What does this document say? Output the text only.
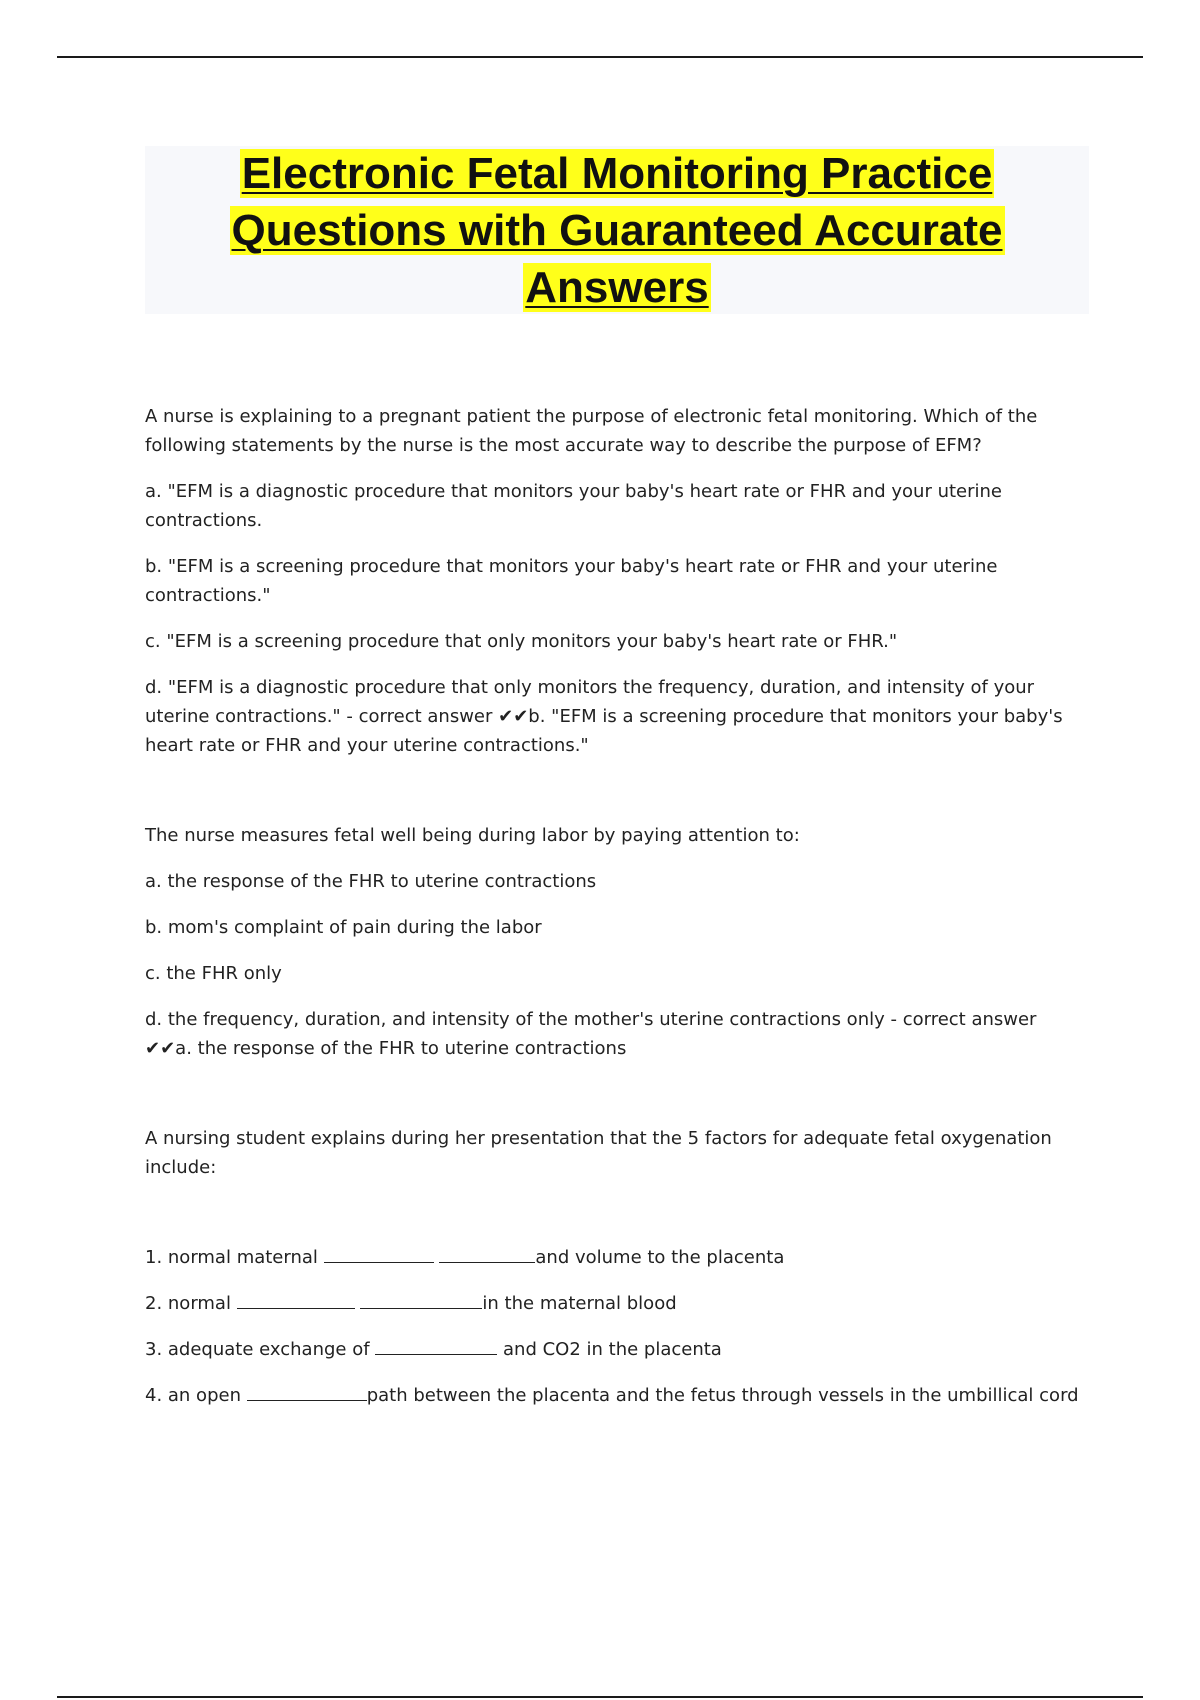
Electronic Fetal Monitoring Practice Questions with Guaranteed Accurate Answers

A nurse is explaining to a pregnant patient the purpose of electronic fetal monitoring. Which of the following statements by the nurse is the most accurate way to describe the purpose of EFM?

a. "EFM is a diagnostic procedure that monitors your baby's heart rate or FHR and your uterine contractions.

b. "EFM is a screening procedure that monitors your baby's heart rate or FHR and your uterine contractions."

c. "EFM is a screening procedure that only monitors your baby's heart rate or FHR."

d. "EFM is a diagnostic procedure that only monitors the frequency, duration, and intensity of your uterine contractions." - correct answer ✔✔b. "EFM is a screening procedure that monitors your baby's heart rate or FHR and your uterine contractions."

The nurse measures fetal well being during labor by paying attention to:

a. the response of the FHR to uterine contractions

b. mom's complaint of pain during the labor

c. the FHR only

d. the frequency, duration, and intensity of the mother's uterine contractions only - correct answer ✔✔a. the response of the FHR to uterine contractions

A nursing student explains during her presentation that the 5 factors for adequate fetal oxygenation include:

1. normal maternal	and volume to the placenta

2. normal	in the maternal blood

3. adequate exchange of	and CO2 in the placenta

4. an open	path between the placenta and the fetus through vessels in the umbillical cord
